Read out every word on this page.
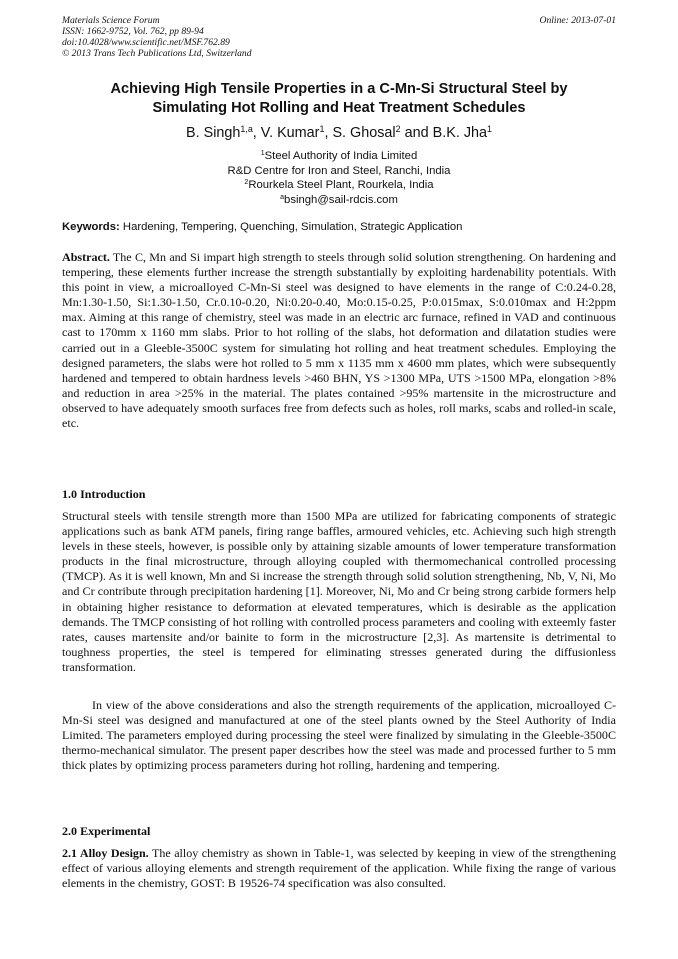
Materials Science Forum
ISSN: 1662-9752, Vol. 762, pp 89-94
doi:10.4028/www.scientific.net/MSF.762.89
© 2013 Trans Tech Publications Ltd, Switzerland
Online: 2013-07-01
Achieving High Tensile Properties in a C-Mn-Si Structural Steel by
Simulating Hot Rolling and Heat Treatment Schedules
B. Singh$^{1,a}$, V. Kumar$^1$, S. Ghosal$^2$ and B.K. Jha$^1$
$^1$Steel Authority of India Limited
R&D Centre for Iron and Steel, Ranchi, India
$^2$Rourkela Steel Plant, Rourkela, India
$^a$bsingh@sail-rdcis.com
Keywords: Hardening, Tempering, Quenching, Simulation, Strategic Application
Abstract. The C, Mn and Si impart high strength to steels through solid solution strengthening. On hardening and tempering, these elements further increase the strength substantially by exploiting hardenability potentials. With this point in view, a microalloyed C-Mn-Si steel was designed to have elements in the range of C:0.24-0.28, Mn:1.30-1.50, Si:1.30-1.50, Cr.0.10-0.20, Ni:0.20-0.40, Mo:0.15-0.25, P:0.015max, S:0.010max and H:2ppm max. Aiming at this range of chemistry, steel was made in an electric arc furnace, refined in VAD and continuous cast to 170mm x 1160 mm slabs. Prior to hot rolling of the slabs, hot deformation and dilatation studies were carried out in a Gleeble-3500C system for simulating hot rolling and heat treatment schedules. Employing the designed parameters, the slabs were hot rolled to 5 mm x 1135 mm x 4600 mm plates, which were subsequently hardened and tempered to obtain hardness levels >460 BHN, YS >1300 MPa, UTS >1500 MPa, elongation >8% and reduction in area >25% in the material. The plates contained >95% martensite in the microstructure and observed to have adequately smooth surfaces free from defects such as holes, roll marks, scabs and rolled-in scale, etc.
1.0 Introduction
Structural steels with tensile strength more than 1500 MPa are utilized for fabricating components of strategic applications such as bank ATM panels, firing range baffles, armoured vehicles, etc. Achieving such high strength levels in these steels, however, is possible only by attaining sizable amounts of lower temperature transformation products in the final microstructure, through alloying coupled with thermomechanical controlled processing (TMCP). As it is well known, Mn and Si increase the strength through solid solution strengthening, Nb, V, Ni, Mo and Cr contribute through precipitation hardening [1]. Moreover, Ni, Mo and Cr being strong carbide formers help in obtaining higher resistance to deformation at elevated temperatures, which is desirable as the application demands. The TMCP consisting of hot rolling with controlled process parameters and cooling with exteemly faster rates, causes martensite and/or bainite to form in the microstructure [2,3]. As martensite is detrimental to toughness properties, the steel is tempered for eliminating stresses generated during the diffusionless transformation.
In view of the above considerations and also the strength requirements of the application, microalloyed C-Mn-Si steel was designed and manufactured at one of the steel plants owned by the Steel Authority of India Limited. The parameters employed during processing the steel were finalized by simulating in the Gleeble-3500C thermo-mechanical simulator. The present paper describes how the steel was made and processed further to 5 mm thick plates by optimizing process parameters during hot rolling, hardening and tempering.
2.0 Experimental
2.1 Alloy Design. The alloy chemistry as shown in Table-1, was selected by keeping in view of the strengthening effect of various alloying elements and strength requirement of the application. While fixing the range of various elements in the chemistry, GOST: B 19526-74 specification was also consulted.
